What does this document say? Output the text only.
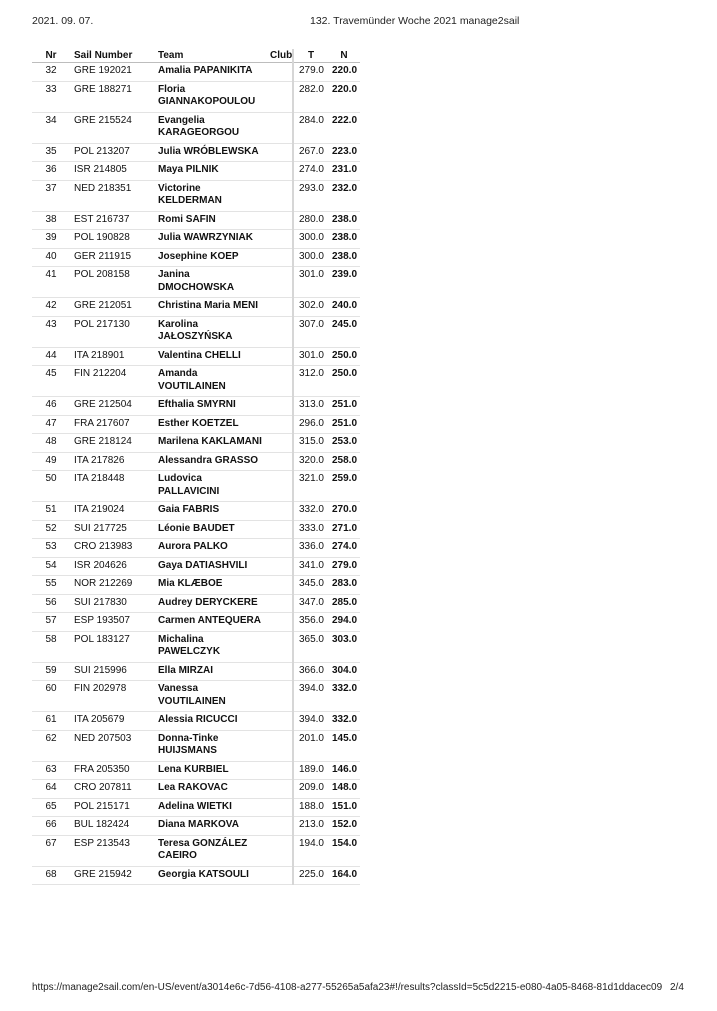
2021. 09. 07.	132. Travemünder Woche 2021 manage2sail
Nr	Sail Number	Team	Club	T	N
32	GRE 192021	Amalia PAPANIKITA		279.0	220.0
33	GRE 188271	Floria GIANNAKOPOULOU		282.0	220.0
34	GRE 215524	Evangelia KARAGEORGOU		284.0	222.0
35	POL 213207	Julia WRÓBLEWSKA		267.0	223.0
36	ISR 214805	Maya PILNIK		274.0	231.0
37	NED 218351	Victorine KELDERMAN		293.0	232.0
38	EST 216737	Romi SAFIN		280.0	238.0
39	POL 190828	Julia WAWRZYNIAK		300.0	238.0
40	GER 211915	Josephine KOEP		300.0	238.0
41	POL 208158	Janina DMOCHOWSKA		301.0	239.0
42	GRE 212051	Christina Maria MENI		302.0	240.0
43	POL 217130	Karolina JAŁOSZYŃSKA		307.0	245.0
44	ITA 218901	Valentina CHELLI		301.0	250.0
45	FIN 212204	Amanda VOUTILAINEN		312.0	250.0
46	GRE 212504	Efthalia SMYRNI		313.0	251.0
47	FRA 217607	Esther KOETZEL		296.0	251.0
48	GRE 218124	Marilena KAKLAMANI		315.0	253.0
49	ITA 217826	Alessandra GRASSO		320.0	258.0
50	ITA 218448	Ludovica PALLAVICINI		321.0	259.0
51	ITA 219024	Gaia FABRIS		332.0	270.0
52	SUI 217725	Léonie BAUDET		333.0	271.0
53	CRO 213983	Aurora PALKO		336.0	274.0
54	ISR 204626	Gaya DATIASHVILI		341.0	279.0
55	NOR 212269	Mia KLÆBOE		345.0	283.0
56	SUI 217830	Audrey DERYCKERE		347.0	285.0
57	ESP 193507	Carmen ANTEQUERA		356.0	294.0
58	POL 183127	Michalina PAWELCZYK		365.0	303.0
59	SUI 215996	Ella MIRZAI		366.0	304.0
60	FIN 202978	Vanessa VOUTILAINEN		394.0	332.0
61	ITA 205679	Alessia RICUCCI		394.0	332.0
62	NED 207503	Donna-Tinke HUIJSMANS		201.0	145.0
63	FRA 205350	Lena KURBIEL		189.0	146.0
64	CRO 207811	Lea RAKOVAC		209.0	148.0
65	POL 215171	Adelina WIETKI		188.0	151.0
66	BUL 182424	Diana MARKOVA		213.0	152.0
67	ESP 213543	Teresa GONZÁLEZ CAEIRO		194.0	154.0
68	GRE 215942	Georgia KATSOULI		225.0	164.0
https://manage2sail.com/en-US/event/a3014e6c-7d56-4108-a277-55265a5afa23#!/results?classId=5c5d2215-e080-4a05-8468-81d1ddacec09 2/4
